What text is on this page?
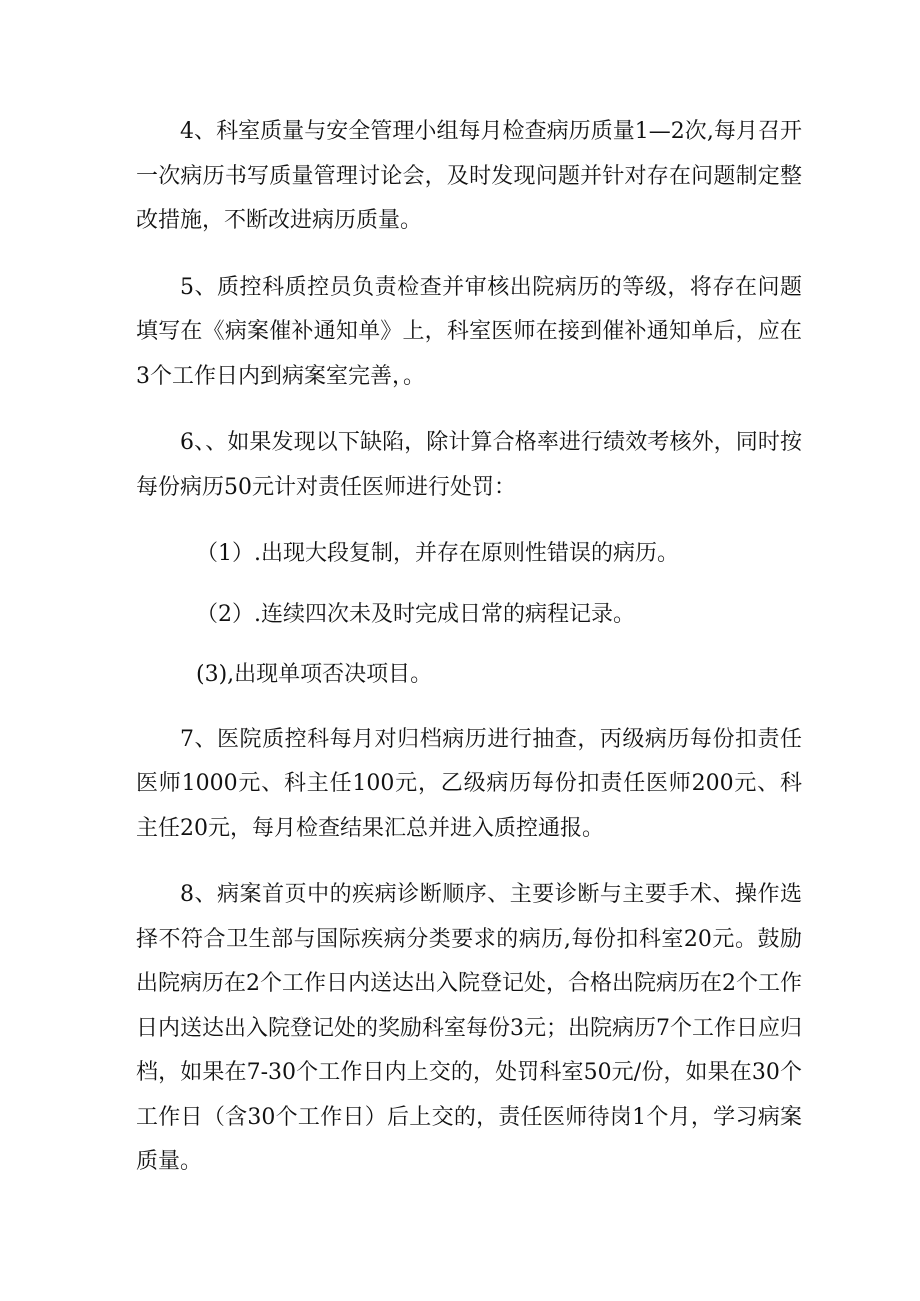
4、科室质量与安全管理小组每月检查病历质量1—2次,每月召开一次病历书写质量管理讨论会，及时发现问题并针对存在问题制定整改措施，不断改进病历质量。

5、质控科质控员负责检查并审核出院病历的等级，将存在问题填写在《病案催补通知单》上，科室医师在接到催补通知单后，应在3个工作日内到病案室完善，。

6、、如果发现以下缺陷，除计算合格率进行绩效考核外，同时按每份病历50元计对责任医师进行处罚：

（1）.出现大段复制，并存在原则性错误的病历。

（2）.连续四次未及时完成日常的病程记录。

(3),出现单项否决项目。

7、医院质控科每月对归档病历进行抽查，丙级病历每份扣责任医师1000元、科主任100元，乙级病历每份扣责任医师200元、科主任20元，每月检查结果汇总并进入质控通报。

8、病案首页中的疾病诊断顺序、主要诊断与主要手术、操作选择不符合卫生部与国际疾病分类要求的病历,每份扣科室20元。鼓励出院病历在2个工作日内送达出入院登记处，合格出院病历在2个工作日内送达出入院登记处的奖励科室每份3元；出院病历7个工作日应归档，如果在7-30个工作日内上交的，处罚科室50元/份，如果在30个工作日（含30个工作日）后上交的，责任医师待岗1个月，学习病案质量。
